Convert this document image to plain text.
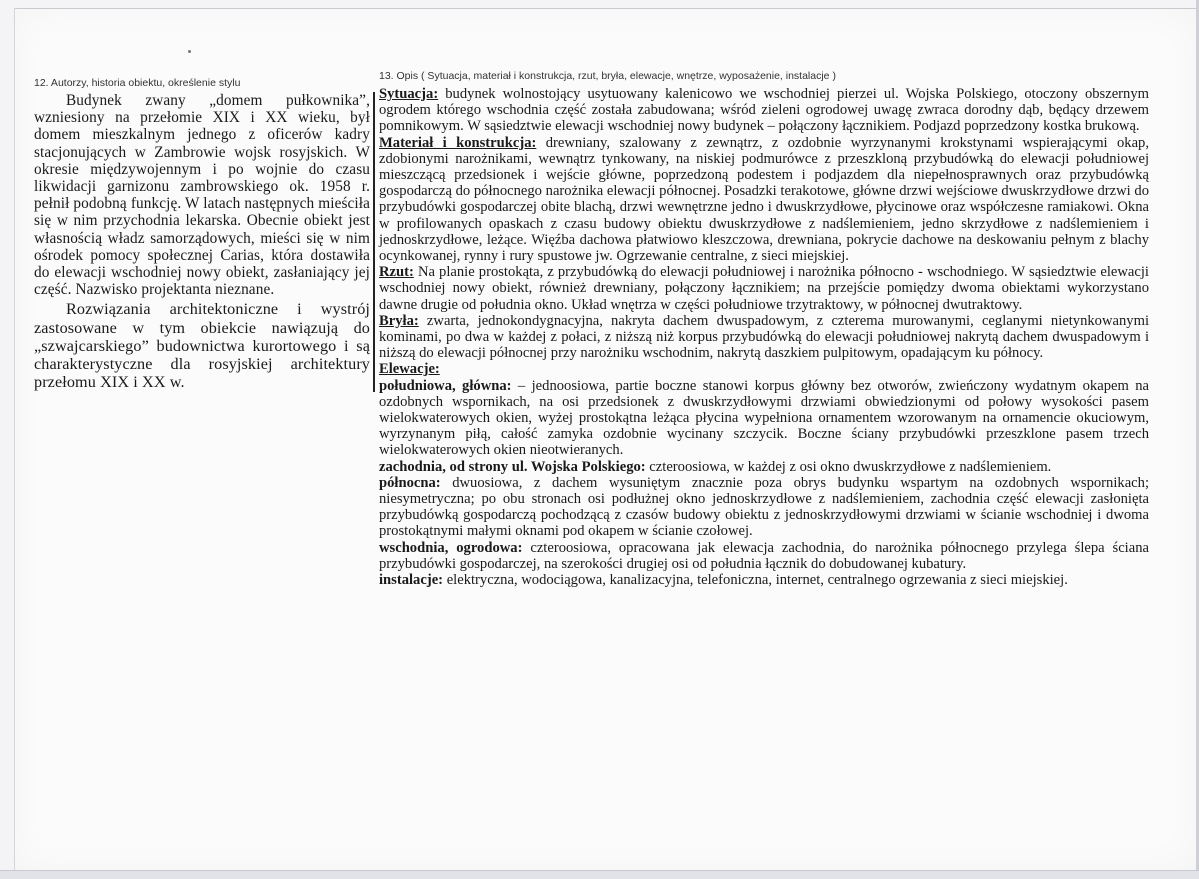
12. Autorzy, historia obiektu, określenie stylu

Budynek zwany „domem pułkownika”, wzniesiony na przełomie XIX i XX wieku, był domem mieszkalnym jednego z oficerów kadry stacjonujących w Zambrowie wojsk rosyjskich. W okresie międzywojennym i po wojnie do czasu likwidacji garnizonu zambrowskiego ok. 1958 r. pełnił podobną funkcję. W latach następnych mieściła się w nim przychodnia lekarska. Obecnie obiekt jest własnością władz samorządowych, mieści się w nim ośrodek pomocy społecznej Carias, która dostawiła do elewacji wschodniej nowy obiekt, zasłaniający jej część. Nazwisko projektanta nieznane.

Rozwiązania architektoniczne i wystrój zastosowane w tym obiekcie nawiązują do „szwajcarskiego” budownictwa kurortowego i są charakterystyczne dla rosyjskiej architektury przełomu XIX i XX w.

13. Opis ( Sytuacja, materiał i konstrukcja, rzut, bryła, elewacje, wnętrze, wyposażenie, instalacje )

Sytuacja: budynek wolnostojący usytuowany kalenicowo we wschodniej pierzei ul. Wojska Polskiego, otoczony obszernym ogrodem którego wschodnia część została zabudowana; wśród zieleni ogrodowej uwagę zwraca dorodny dąb, będący drzewem pomnikowym. W sąsiedztwie elewacji wschodniej nowy budynek – połączony łącznikiem. Podjazd poprzedzony kostka brukową.

Materiał i konstrukcja: drewniany, szalowany z zewnątrz, z ozdobnie wyrzynanymi krokstynami wspierającymi okap, zdobionymi narożnikami, wewnątrz tynkowany, na niskiej podmurówce z przeszkloną przybudówką do elewacji południowej mieszczącą przedsionek i wejście główne, poprzedzoną podestem i podjazdem dla niepełnosprawnych oraz przybudówką gospodarczą do północnego narożnika elewacji północnej. Posadzki terakotowe, główne drzwi wejściowe dwuskrzydłowe drzwi do przybudówki gospodarczej obite blachą, drzwi wewnętrzne jedno i dwuskrzydłowe, płycinowe oraz współczesne ramiakowi. Okna w profilowanych opaskach z czasu budowy obiektu dwuskrzydłowe z nadślemieniem, jedno skrzydłowe z nadślemieniem i jednoskrzydłowe, leżące. Więźba dachowa płatwiowo kleszczowa, drewniana, pokrycie dachowe na deskowaniu pełnym z blachy ocynkowanej, rynny i rury spustowe jw. Ogrzewanie centralne, z sieci miejskiej.

Rzut: Na planie prostokąta, z przybudówką do elewacji południowej i narożnika północno - wschodniego. W sąsiedztwie elewacji wschodniej nowy obiekt, również drewniany, połączony łącznikiem; na przejście pomiędzy dwoma obiektami wykorzystano dawne drugie od południa okno. Układ wnętrza w części południowe trzytraktowy, w północnej dwutraktowy.

Bryła: zwarta, jednokondygnacyjna, nakryta dachem dwuspadowym, z czterema murowanymi, ceglanymi nietynkowanymi kominami, po dwa w każdej z połaci, z niższą niż korpus przybudówką do elewacji południowej nakrytą dachem dwuspadowym i niższą do elewacji północnej przy narożniku wschodnim, nakrytą daszkiem pulpitowym, opadającym ku północy.

Elewacje:

południowa, główna: – jednoosiowa, partie boczne stanowi korpus główny bez otworów, zwieńczony wydatnym okapem na ozdobnych wspornikach, na osi przedsionek z dwuskrzydłowymi drzwiami obwiedzionymi od połowy wysokości pasem wielokwaterowych okien, wyżej prostokątna leżąca płycina wypełniona ornamentem wzorowanym na ornamencie okuciowym, wyrzynanym piłą, całość zamyka ozdobnie wycinany szczycik. Boczne ściany przybudówki przeszklone pasem trzech wielokwaterowych okien nieotwieranych.

zachodnia, od strony ul. Wojska Polskiego: czteroosiowa, w każdej z osi okno dwuskrzydłowe z nadślemieniem.

północna: dwuosiowa, z dachem wysuniętym znacznie poza obrys budynku wspartym na ozdobnych wspornikach; niesymetryczna; po obu stronach osi podłużnej okno jednoskrzydłowe z nadślemieniem, zachodnia część elewacji zasłonięta przybudówką gospodarczą pochodzącą z czasów budowy obiektu z jednoskrzydłowymi drzwiami w ścianie wschodniej i dwoma prostokątnymi małymi oknami pod okapem w ścianie czołowej.

wschodnia, ogrodowa: czteroosiowa, opracowana jak elewacja zachodnia, do narożnika północnego przylega ślepa ściana przybudówki gospodarczej, na szerokości drugiej osi od południa łącznik do dobudowanej kubatury.

instalacje: elektryczna, wodociągowa, kanalizacyjna, telefoniczna, internet, centralnego ogrzewania z sieci miejskiej.
